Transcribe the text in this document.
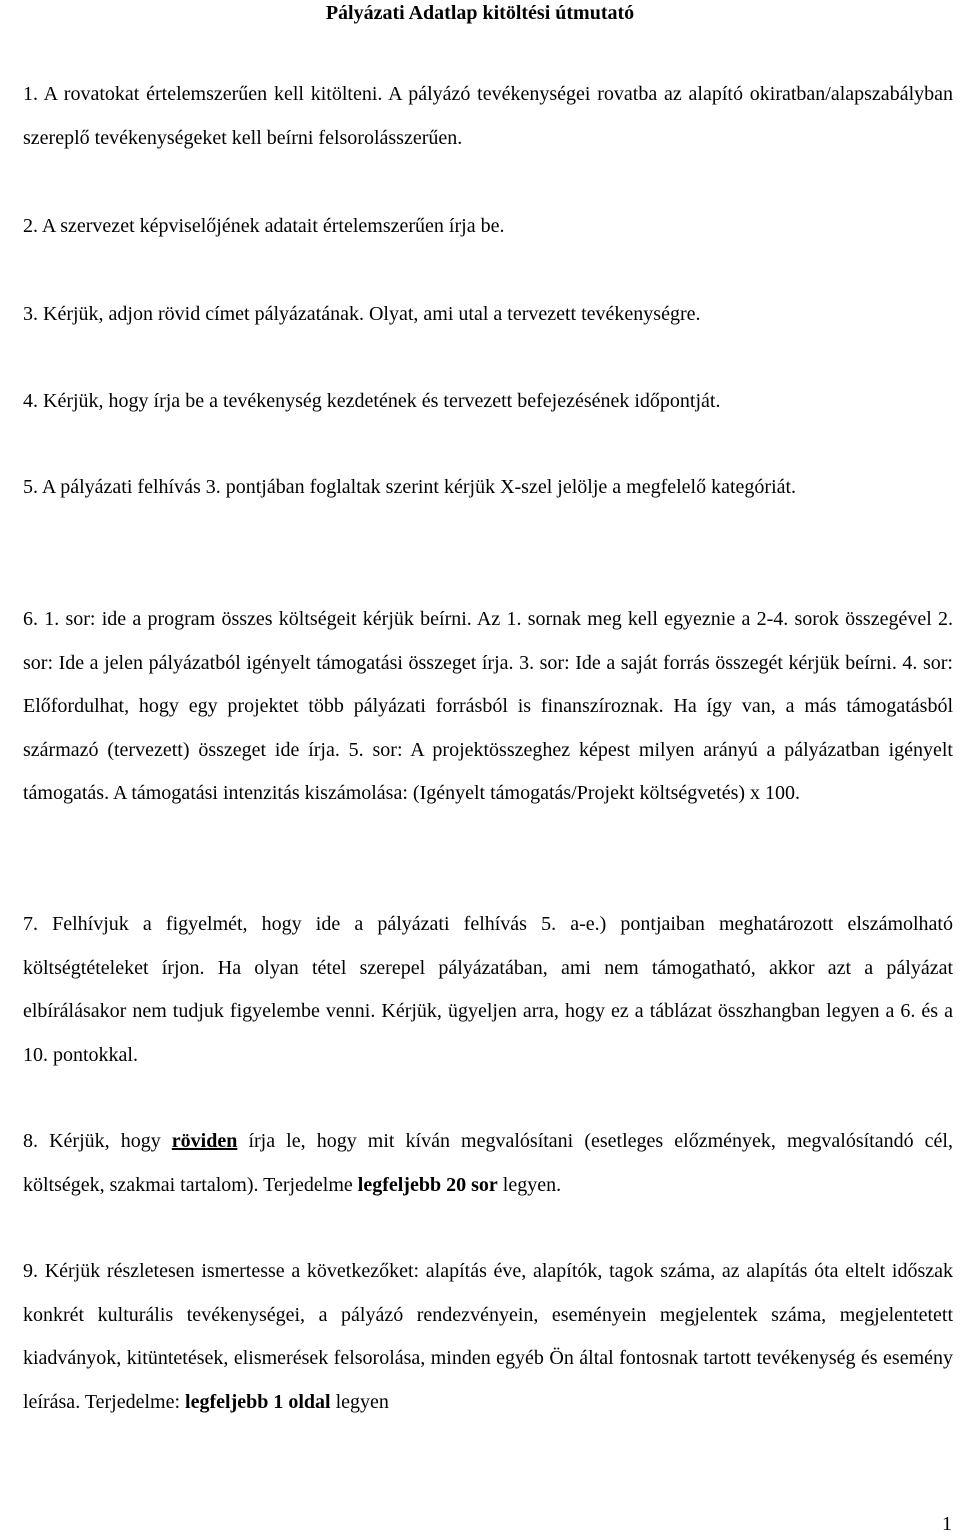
Pályázati Adatlap kitöltési útmutató
1. A rovatokat értelemszerűen kell kitölteni. A pályázó tevékenységei rovatba az alapító okiratban/alapszabályban szereplő tevékenységeket kell beírni felsorolásszerűen.
2. A szervezet képviselőjének adatait értelemszerűen írja be.
3. Kérjük, adjon rövid címet pályázatának. Olyat, ami utal a tervezett tevékenységre.
4. Kérjük, hogy írja be a tevékenység kezdetének és tervezett befejezésének időpontját.
5. A pályázati felhívás 3. pontjában foglaltak szerint kérjük X-szel jelölje a megfelelő kategóriát.
6. 1. sor: ide a program összes költségeit kérjük beírni. Az 1. sornak meg kell egyeznie a 2-4. sorok összegével 2. sor: Ide a jelen pályázatból igényelt támogatási összeget írja. 3. sor: Ide a saját forrás összegét kérjük beírni. 4. sor: Előfordulhat, hogy egy projektet több pályázati forrásból is finanszíroznak. Ha így van, a más támogatásból származó (tervezett) összeget ide írja. 5. sor: A projektösszeghez képest milyen arányú a pályázatban igényelt támogatás. A támogatási intenzitás kiszámolása: (Igényelt támogatás/Projekt költségvetés) x 100.
7. Felhívjuk a figyelmét, hogy ide a pályázati felhívás 5. a-e.) pontjaiban meghatározott elszámolható költségtételeket írjon. Ha olyan tétel szerepel pályázatában, ami nem támogatható, akkor azt a pályázat elbírálásakor nem tudjuk figyelembe venni. Kérjük, ügyeljen arra, hogy ez a táblázat összhangban legyen a 6. és a 10. pontokkal.
8. Kérjük, hogy röviden írja le, hogy mit kíván megvalósítani (esetleges előzmények, megvalósítandó cél, költségek, szakmai tartalom). Terjedelme legfeljebb 20 sor legyen.
9. Kérjük részletesen ismertesse a következőket: alapítás éve, alapítók, tagok száma, az alapítás óta eltelt időszak konkrét kulturális tevékenységei, a pályázó rendezvényein, eseményein megjelentek száma, megjelentetett kiadványok, kitüntetések, elismerések felsorolása, minden egyéb Ön által fontosnak tartott tevékenység és esemény leírása. Terjedelme: legfeljebb 1 oldal legyen
1
